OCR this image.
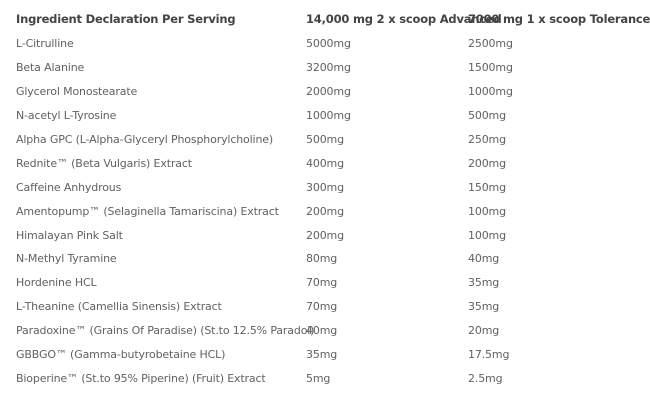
Ingredient Declaration Per Serving	14,000 mg 2 x scoop Advanced	7000 mg 1 x scoop Tolerance
L-Citrulline	5000mg	2500mg
Beta Alanine	3200mg	1500mg
Glycerol Monostearate	2000mg	1000mg
N-acetyl L-Tyrosine	1000mg	500mg
Alpha GPC (L-Alpha-Glyceryl Phosphorylcholine)	500mg	250mg
Rednite™ (Beta Vulgaris) Extract	400mg	200mg
Caffeine Anhydrous	300mg	150mg
Amentopump™ (Selaginella Tamariscina) Extract	200mg	100mg
Himalayan Pink Salt	200mg	100mg
N-Methyl Tyramine	80mg	40mg
Hordenine HCL	70mg	35mg
L-Theanine (Camellia Sinensis) Extract	70mg	35mg
Paradoxine™ (Grains Of Paradise) (St.to 12.5% Paradol)	40mg	20mg
GBBGO™ (Gamma-butyrobetaine HCL)	35mg	17.5mg
Bioperine™ (St.to 95% Piperine) (Fruit) Extract	5mg	2.5mg
